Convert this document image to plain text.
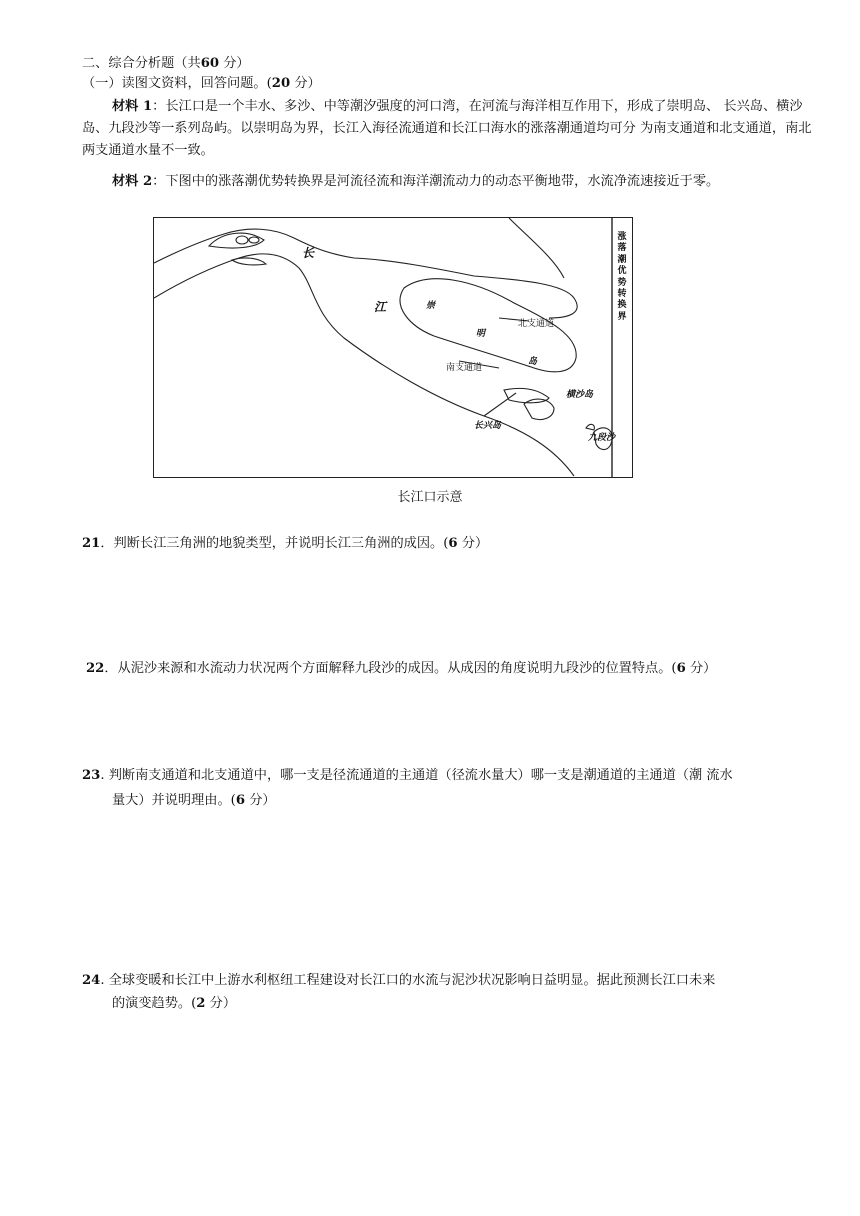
二、综合分析题（共60 分）
（一）读图文资料，回答问题。(20 分）
材料 1：长江口是一个丰水、多沙、中等潮汐强度的河口湾，在河流与海洋相互作用下，形成了崇明岛、 长兴岛、横沙岛、九段沙等一系列岛屿。以崇明岛为界，长江入海径流通道和长江口海水的涨落潮通道均可分 为南支通道和北支通道，南北两支通道水量不一致。
材料 2：下图中的涨落潮优势转换界是河流径流和海洋潮流动力的动态平衡地带，水流净流速接近于零。
长
江	崇
明
岛
北支通道
南支通道
横沙岛
长兴岛
九段沙
涨
落
潮
优
势
转
换
界
长江口示意
21．判断长江三角洲的地貌类型，并说明长江三角洲的成因。(6 分）
22．从泥沙来源和水流动力状况两个方面解释九段沙的成因。从成因的角度说明九段沙的位置特点。(6 分）
23. 判断南支通道和北支通道中，哪一支是径流通道的主通道（径流水量大）哪一支是潮通道的主通道（潮 流水
量大）并说明理由。(6 分）
24. 全球变暖和长江中上游水利枢纽工程建设对长江口的水流与泥沙状况影响日益明显。据此预测长江口未来
的演变趋势。(2 分）
